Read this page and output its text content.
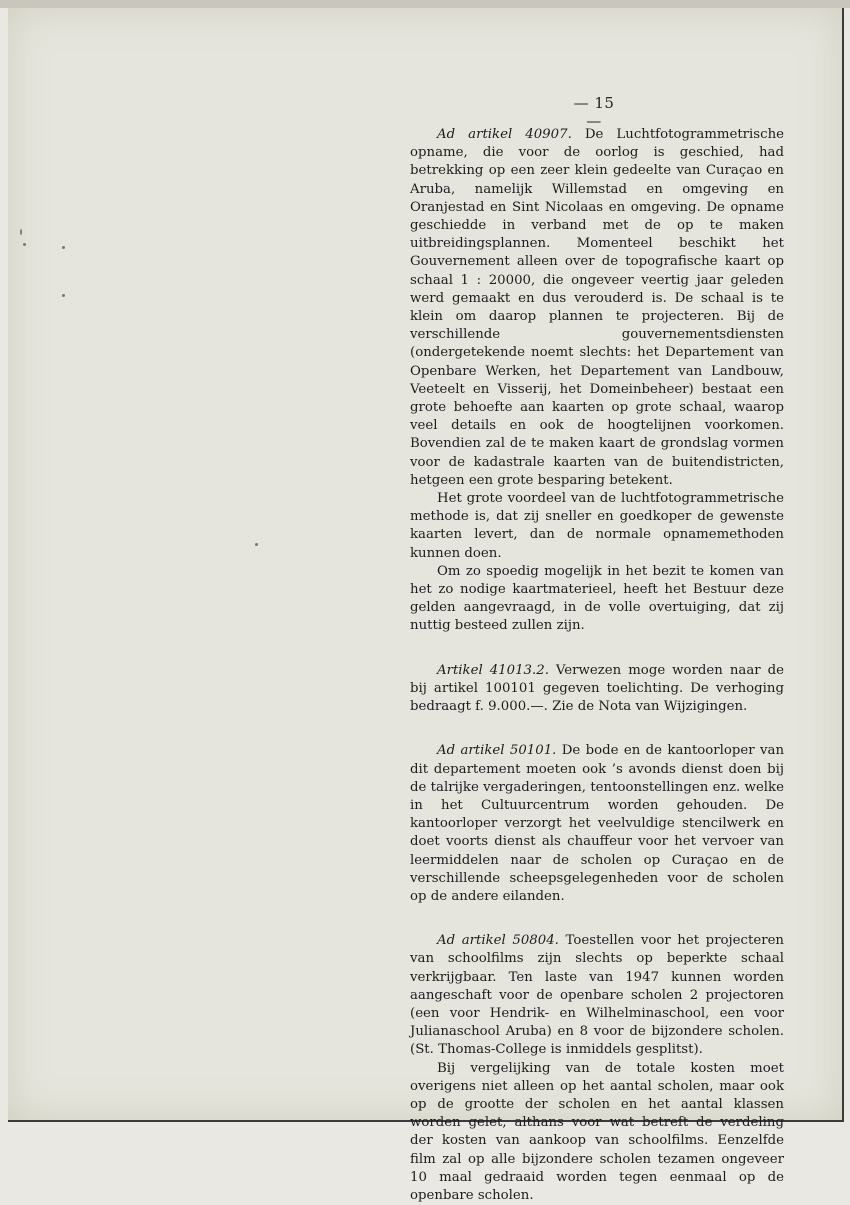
— 15 —

Ad artikel 40907. De Luchtfotogrammetrische opname, die voor de oorlog is geschied, had betrekking op een zeer klein gedeelte van Curaçao en Aruba, namelijk Willemstad en omgeving en Oranjestad en Sint Nicolaas en omgeving. De opname geschiedde in verband met de op te maken uitbreidingsplannen. Momenteel beschikt het Gouvernement alleen over de topografische kaart op schaal 1 : 20000, die ongeveer veertig jaar geleden werd gemaakt en dus verouderd is. De schaal is te klein om daarop plannen te projecteren. Bij de verschillende gouvernementsdiensten (ondergetekende noemt slechts: het Departement van Openbare Werken, het Departement van Landbouw, Veeteelt en Visserij, het Domeinbeheer) bestaat een grote behoefte aan kaarten op grote schaal, waarop veel details en ook de hoogtelijnen voorkomen. Bovendien zal de te maken kaart de grondslag vormen voor de kadastrale kaarten van de buitendistricten, hetgeen een grote besparing betekent.

Het grote voordeel van de luchtfotogrammetrische methode is, dat zij sneller en goedkoper de gewenste kaarten levert, dan de normale opnamemethoden kunnen doen.

Om zo spoedig mogelijk in het bezit te komen van het zo nodige kaartmaterieel, heeft het Bestuur deze gelden aangevraagd, in de volle overtuiging, dat zij nuttig besteed zullen zijn.

Artikel 41013.2. Verwezen moge worden naar de bij artikel 100101 gegeven toelichting. De verhoging bedraagt f. 9.000.—. Zie de Nota van Wijzigingen.

Ad artikel 50101. De bode en de kantoorloper van dit departement moeten ook ’s avonds dienst doen bij de talrijke vergaderingen, tentoonstellingen enz. welke in het Cultuurcentrum worden gehouden. De kantoorloper verzorgt het veelvuldige stencilwerk en doet voorts dienst als chauffeur voor het vervoer van leermiddelen naar de scholen op Curaçao en de verschillende scheepsgelegenheden voor de scholen op de andere eilanden.

Ad artikel 50804. Toestellen voor het projecteren van schoolfilms zijn slechts op beperkte schaal verkrijgbaar. Ten laste van 1947 kunnen worden aangeschaft voor de openbare scholen 2 projectoren (een voor Hendrik- en Wilhelminaschool, een voor Julianaschool Aruba) en 8 voor de bijzondere scholen. (St. Thomas-College is inmiddels gesplitst).

Bij vergelijking van de totale kosten moet overigens niet alleen op het aantal scholen, maar ook op de grootte der scholen en het aantal klassen worden gelet, althans voor wat betreft de verdeling der kosten van aankoop van schoolfilms. Eenzelfde film zal op alle bijzondere scholen tezamen ongeveer 10 maal gedraaid worden tegen eenmaal op de openbare scholen.
